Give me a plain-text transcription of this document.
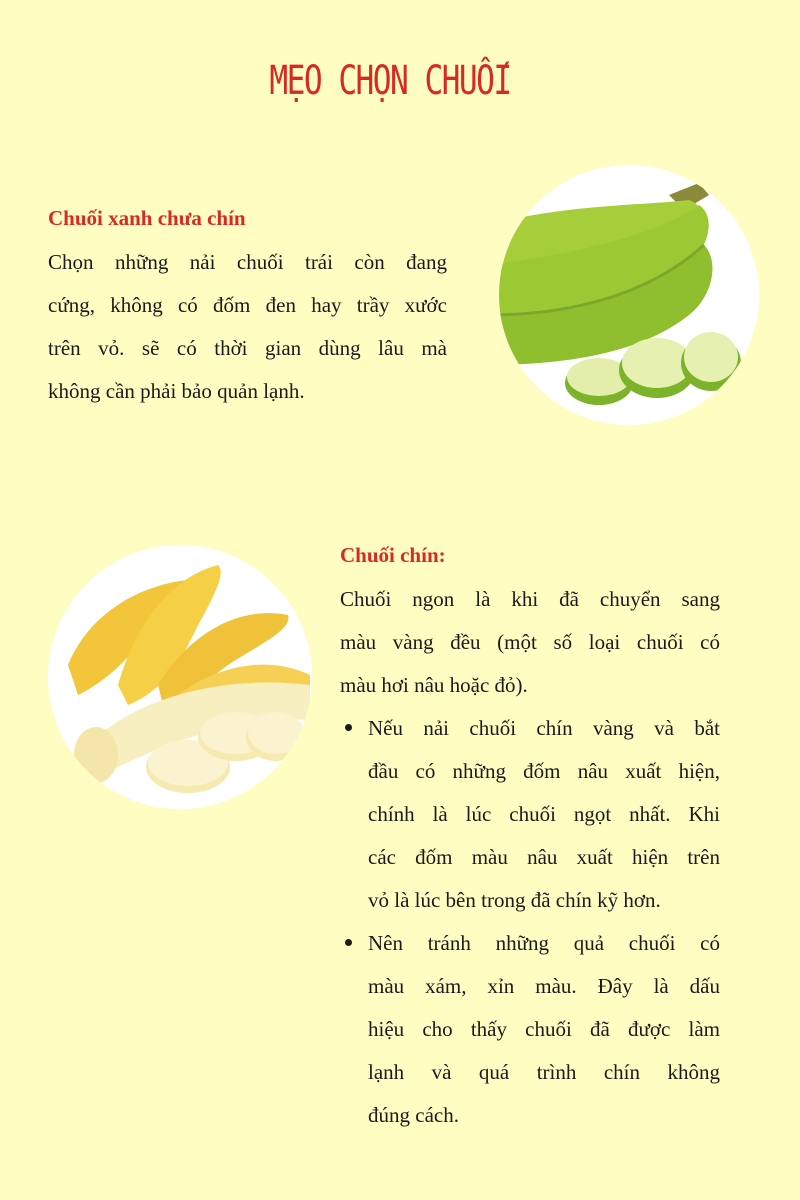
MẸO CHỌN CHUỐI
Chuối xanh chưa chín
Chọn những nải chuối trái còn đang
cứng, không có đốm đen hay trầy xước
trên vỏ. sẽ có thời gian dùng lâu mà
không cần phải bảo quản lạnh.
Chuối chín:
Chuối ngon là khi đã chuyển sang
màu vàng đều (một số loại chuối có
màu hơi nâu hoặc đỏ).
Nếu nải chuối chín vàng và bắt
đầu có những đốm nâu xuất hiện,
chính là lúc chuối ngọt nhất. Khi
các đốm màu nâu xuất hiện trên
vỏ là lúc bên trong đã chín kỹ hơn.
Nên tránh những quả chuối có
màu xám, xỉn màu. Đây là dấu
hiệu cho thấy chuối đã được làm
lạnh và quá trình chín không
đúng cách.
